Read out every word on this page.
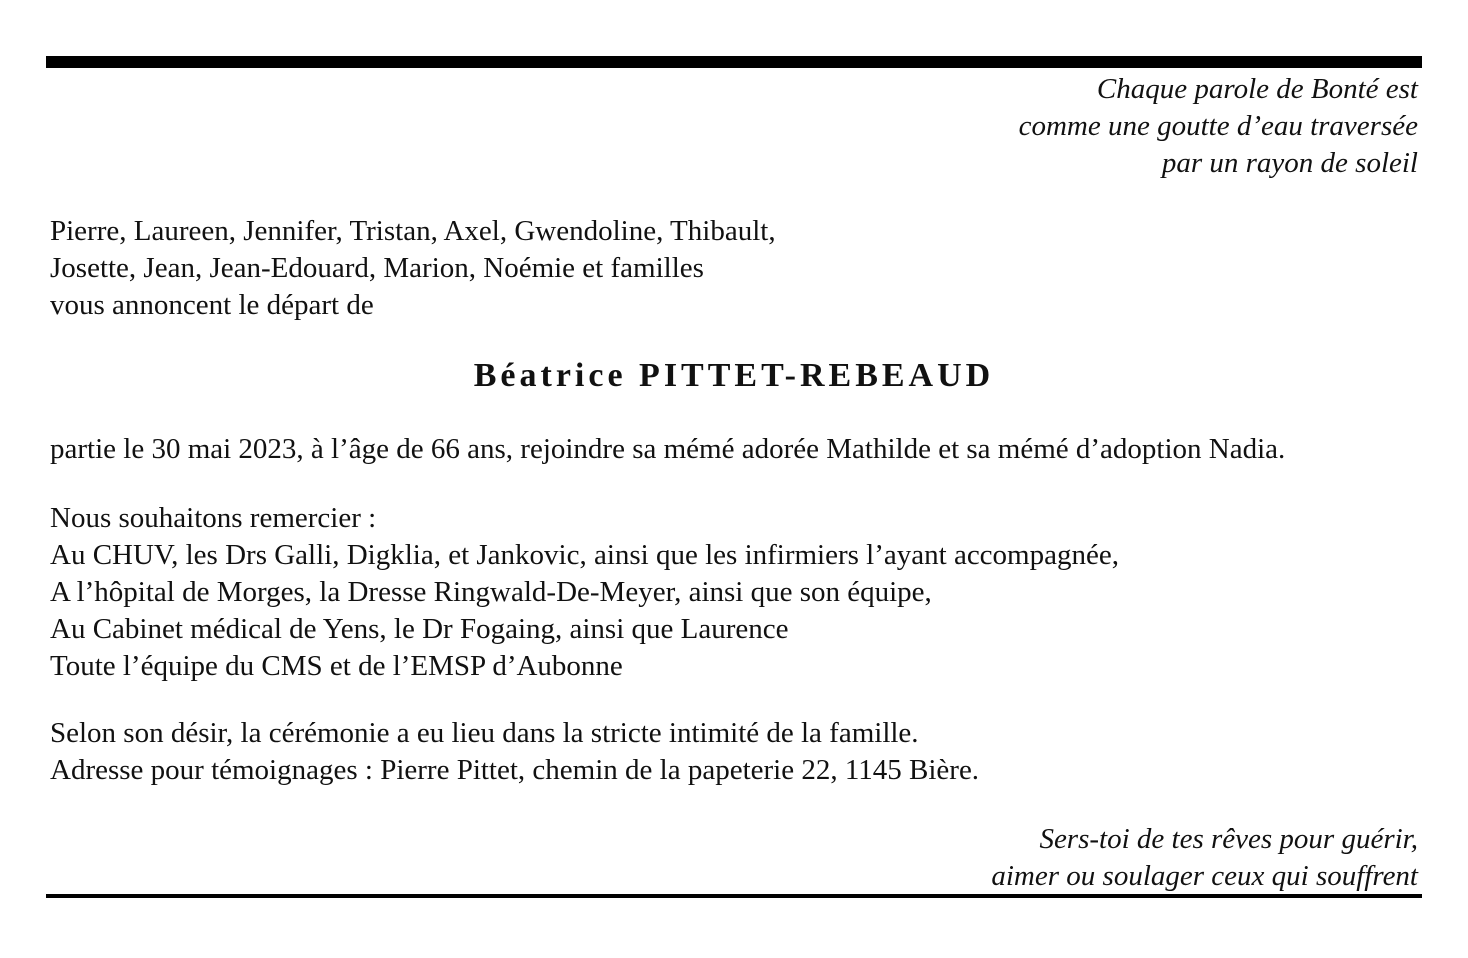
Chaque parole de Bonté est
comme une goutte d’eau traversée
par un rayon de soleil
Pierre, Laureen, Jennifer, Tristan, Axel, Gwendoline, Thibault,
Josette, Jean, Jean-Edouard, Marion, Noémie et familles
vous annoncent le départ de
Béatrice PITTET-REBEAUD
partie le 30 mai 2023, à l’âge de 66 ans, rejoindre sa mémé adorée Mathilde et sa mémé d’adoption Nadia.
Nous souhaitons remercier :
Au CHUV, les Drs Galli, Digklia, et Jankovic, ainsi que les infirmiers l’ayant accompagnée,
A l’hôpital de Morges, la Dresse Ringwald-De-Meyer, ainsi que son équipe,
Au Cabinet médical de Yens, le Dr Fogaing, ainsi que Laurence
Toute l’équipe du CMS et de l’EMSP d’Aubonne
Selon son désir, la cérémonie a eu lieu dans la stricte intimité de la famille.
Adresse pour témoignages : Pierre Pittet, chemin de la papeterie 22, 1145 Bière.
Sers-toi de tes rêves pour guérir,
aimer ou soulager ceux qui souffrent
